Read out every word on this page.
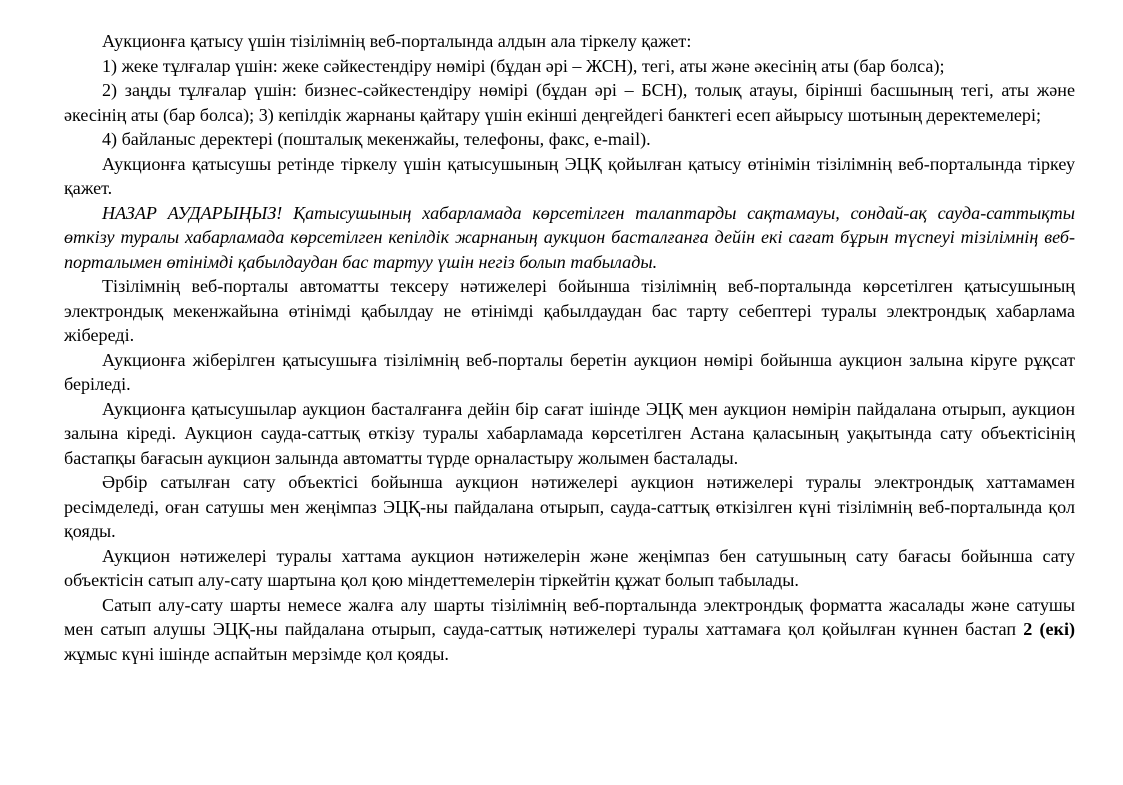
Аукционға қатысу үшін тізілімнің веб-порталында алдын ала тіркелу қажет:

1) жеке тұлғалар үшін: жеке сәйкестендіру нөмірі (бұдан әрі – ЖСН), тегі, аты және әкесінің аты (бар болса);

2) заңды тұлғалар үшін: бизнес-сәйкестендіру нөмірі (бұдан әрі – БСН), толық атауы, бірінші басшының тегі, аты және әкесінің аты (бар болса); 3) кепілдік жарнаны қайтару үшін екінші деңгейдегі банктегі есеп айырысу шотының деректемелері;

4) байланыс деректері (пошталық мекенжайы, телефоны, факс, e-mail).

Аукционға қатысушы ретінде тіркелу үшін қатысушының ЭЦҚ қойылған қатысу өтінімін тізілімнің веб-порталында тіркеу қажет.

НАЗАР АУДАРЫҢЫЗ! Қатысушының хабарламада көрсетілген талаптарды сақтамауы, сондай-ақ сауда-саттықты өткізу туралы хабарламада көрсетілген кепілдік жарнаның аукцион басталғанға дейін екі сағат бұрын түспеуі тізілімнің веб-порталымен өтінімді қабылдаудан бас тартуу үшін негіз болып табылады.

Тізілімнің веб-порталы автоматты тексеру нәтижелері бойынша тізілімнің веб-порталында көрсетілген қатысушының электрондық мекенжайына өтінімді қабылдау не өтінімді қабылдаудан бас тарту себептері туралы электрондық хабарлама жібереді.

Аукционға жіберілген қатысушыға тізілімнің веб-порталы беретін аукцион нөмірі бойынша аукцион залына кіруге рұқсат беріледі.

Аукционға қатысушылар аукцион басталғанға дейін бір сағат ішінде ЭЦҚ мен аукцион нөмірін пайдалана отырып, аукцион залына кіреді. Аукцион сауда-саттық өткізу туралы хабарламада көрсетілген Астана қаласының уақытында сату объектісінің бастапқы бағасын аукцион залында автоматты түрде орналастыру жолымен басталады.

Әрбір сатылған сату объектісі бойынша аукцион нәтижелері аукцион нәтижелері туралы электрондық хаттамамен ресімделеді, оған сатушы мен жеңімпаз ЭЦҚ-ны пайдалана отырып, сауда-саттық өткізілген күні тізілімнің веб-порталында қол қояды.

Аукцион нәтижелері туралы хаттама аукцион нәтижелерін және жеңімпаз бен сатушының сату бағасы бойынша сату объектісін сатып алу-сату шартына қол қою міндеттемелерін тіркейтін құжат болып табылады.

Сатып алу-сату шарты немесе жалға алу шарты тізілімнің веб-порталында электрондық форматта жасалады және сатушы мен сатып алушы ЭЦҚ-ны пайдалана отырып, сауда-саттық нәтижелері туралы хаттамаға қол қойылған күннен бастап 2 (екі) жұмыс күні ішінде аспайтын мерзімде қол қояды.
